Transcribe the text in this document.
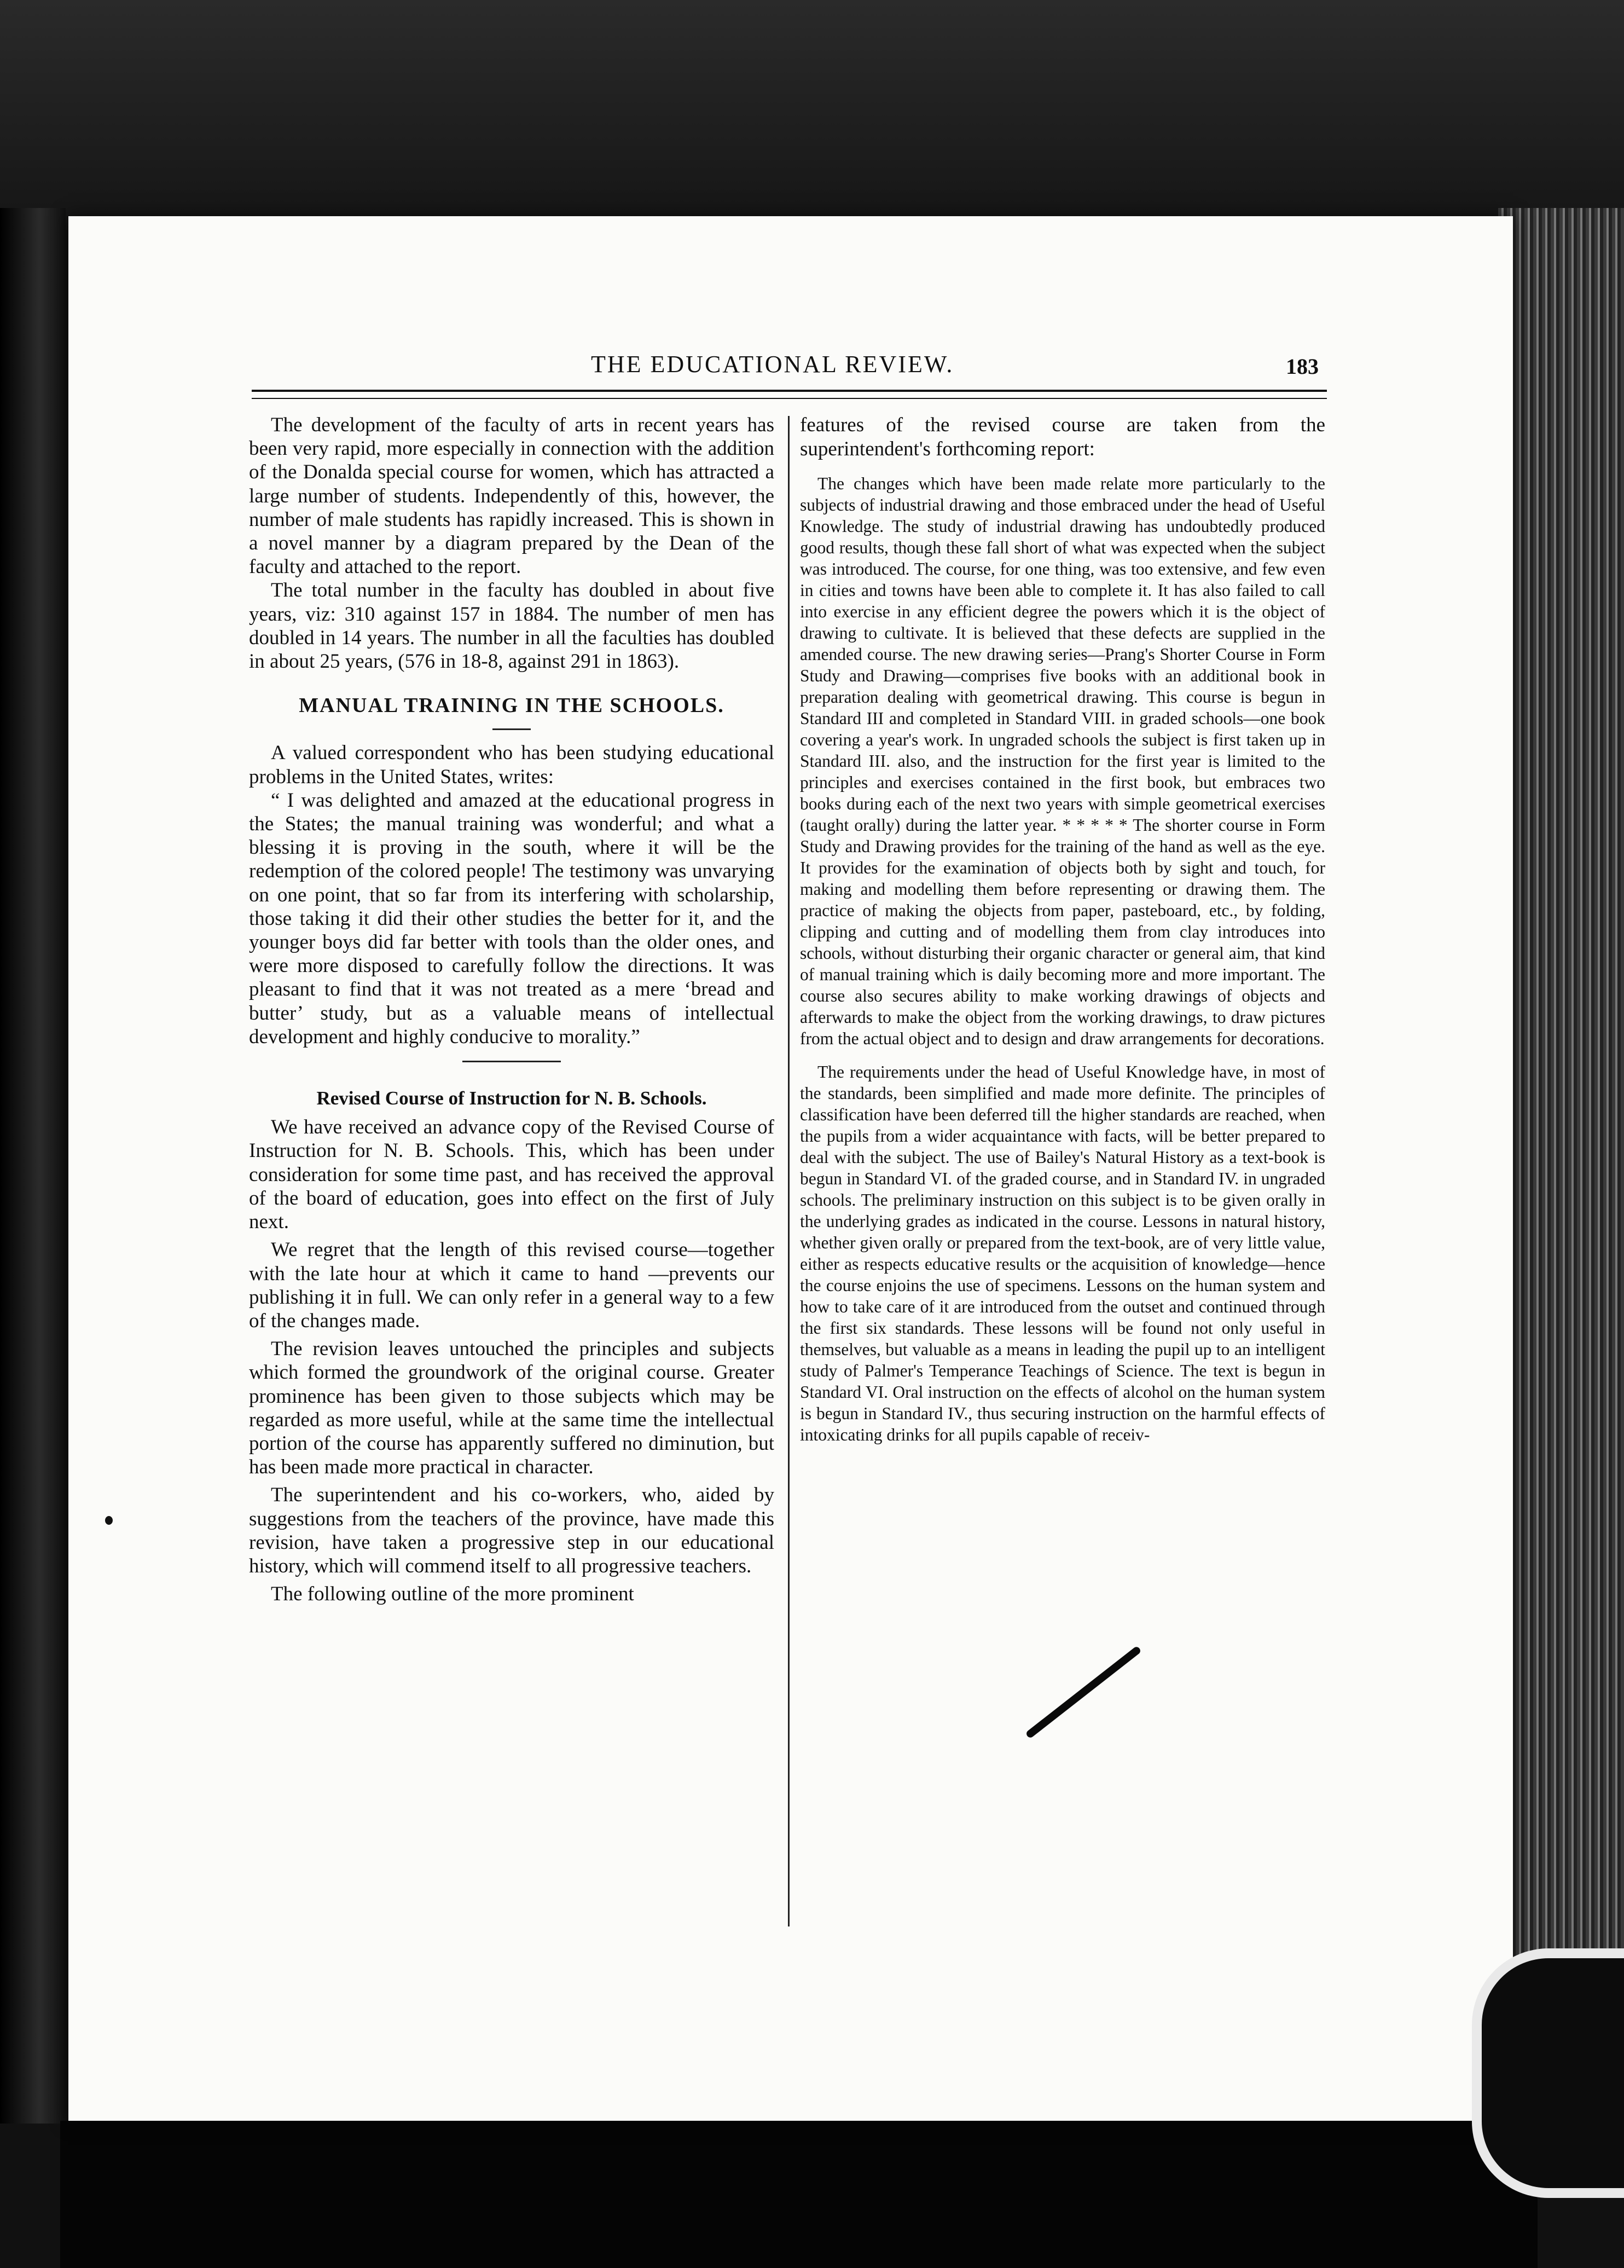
THE EDUCATIONAL REVIEW.	183

The development of the faculty of arts in recent years has been very rapid, more especially in connection with the addition of the Donalda special course for women, which has attracted a large number of students. Independently of this, however, the number of male students has rapidly increased. This is shown in a novel manner by a diagram prepared by the Dean of the faculty and attached to the report.

The total number in the faculty has doubled in about five years, viz: 310 against 157 in 1884. The number of men has doubled in 14 years. The number in all the faculties has doubled in about 25 years, (576 in 18-8, against 291 in 1863).

MANUAL TRAINING IN THE SCHOOLS.

A valued correspondent who has been studying educational problems in the United States, writes:

“ I was delighted and amazed at the educational progress in the States; the manual training was wonderful; and what a blessing it is proving in the south, where it will be the redemption of the colored people! The testimony was unvarying on one point, that so far from its interfering with scholarship, those taking it did their other studies the better for it, and the younger boys did far better with tools than the older ones, and were more disposed to carefully follow the directions. It was pleasant to find that it was not treated as a mere ‘bread and butter’ study, but as a valuable means of intellectual development and highly conducive to morality.”

Revised Course of Instruction for N. B. Schools.

We have received an advance copy of the Revised Course of Instruction for N. B. Schools. This, which has been under consideration for some time past, and has received the approval of the board of education, goes into effect on the first of July next.

We regret that the length of this revised course—together with the late hour at which it came to hand —prevents our publishing it in full. We can only refer in a general way to a few of the changes made.

The revision leaves untouched the principles and subjects which formed the groundwork of the original course. Greater prominence has been given to those subjects which may be regarded as more useful, while at the same time the intellectual portion of the course has apparently suffered no diminution, but has been made more practical in character.

The superintendent and his co-workers, who, aided by suggestions from the teachers of the province, have made this revision, have taken a progressive step in our educational history, which will commend itself to all progressive teachers.

The following outline of the more prominent

features of the revised course are taken from the superintendent's forthcoming report:

The changes which have been made relate more particularly to the subjects of industrial drawing and those embraced under the head of Useful Knowledge. The study of industrial drawing has undoubtedly produced good results, though these fall short of what was expected when the subject was introduced. The course, for one thing, was too extensive, and few even in cities and towns have been able to complete it. It has also failed to call into exercise in any efficient degree the powers which it is the object of drawing to cultivate. It is believed that these defects are supplied in the amended course. The new drawing series—Prang's Shorter Course in Form Study and Drawing—comprises five books with an additional book in preparation dealing with geometrical drawing. This course is begun in Standard III and completed in Standard VIII. in graded schools—one book covering a year's work. In ungraded schools the subject is first taken up in Standard III. also, and the instruction for the first year is limited to the principles and exercises contained in the first book, but embraces two books during each of the next two years with simple geometrical exercises (taught orally) during the latter year. * * * * * The shorter course in Form Study and Drawing provides for the training of the hand as well as the eye. It provides for the examination of objects both by sight and touch, for making and modelling them before representing or drawing them. The practice of making the objects from paper, pasteboard, etc., by folding, clipping and cutting and of modelling them from clay introduces into schools, without disturbing their organic character or general aim, that kind of manual training which is daily becoming more and more important. The course also secures ability to make working drawings of objects and afterwards to make the object from the working drawings, to draw pictures from the actual object and to design and draw arrangements for decorations.

The requirements under the head of Useful Knowledge have, in most of the standards, been simplified and made more definite. The principles of classification have been deferred till the higher standards are reached, when the pupils from a wider acquaintance with facts, will be better prepared to deal with the subject. The use of Bailey's Natural History as a text-book is begun in Standard VI. of the graded course, and in Standard IV. in ungraded schools. The preliminary instruction on this subject is to be given orally in the underlying grades as indicated in the course. Lessons in natural history, whether given orally or prepared from the text-book, are of very little value, either as respects educative results or the acquisition of knowledge—hence the course enjoins the use of specimens. Lessons on the human system and how to take care of it are introduced from the outset and continued through the first six standards. These lessons will be found not only useful in themselves, but valuable as a means in leading the pupil up to an intelligent study of Palmer's Temperance Teachings of Science. The text is begun in Standard VI. Oral instruction on the effects of alcohol on the human system is begun in Standard IV., thus securing instruction on the harmful effects of intoxicating drinks for all pupils capable of receiv-
